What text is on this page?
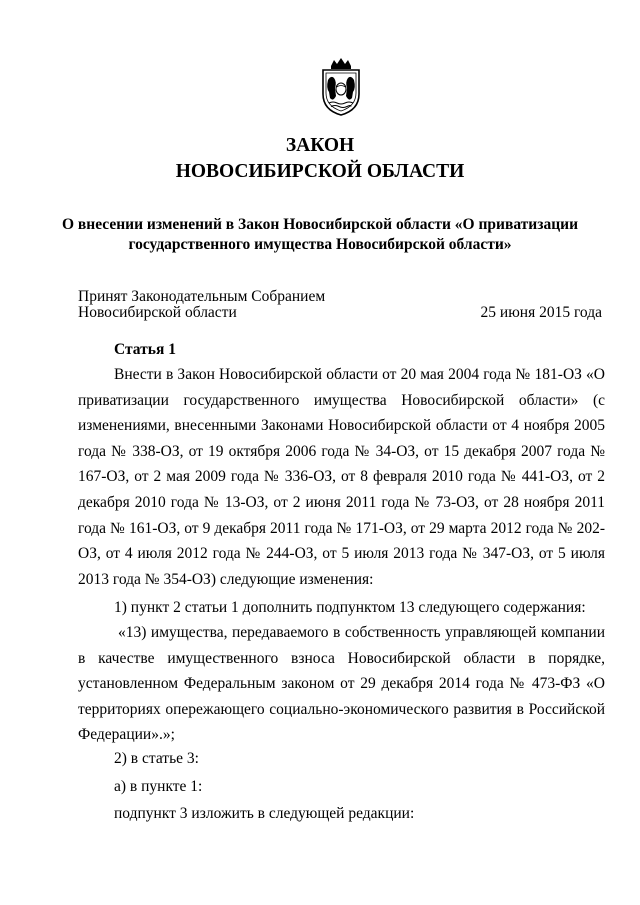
ЗАКОН
НОВОСИБИРСКОЙ ОБЛАСТИ
О внесении изменений в Закон Новосибирской области «О приватизации
государственного имущества Новосибирской области»
Принят Законодательным Собранием
Новосибирской области	25 июня 2015 года
Статья 1

Внести в Закон Новосибирской области от 20 мая 2004 года № 181-ОЗ «О приватизации государственного имущества Новосибирской области» (с изменениями, внесенными Законами Новосибирской области от 4 ноября 2005 года № 338-ОЗ, от 19 октября 2006 года № 34-ОЗ, от 15 декабря 2007 года № 167-ОЗ, от 2 мая 2009 года № 336-ОЗ, от 8 февраля 2010 года № 441-ОЗ, от 2 декабря 2010 года № 13-ОЗ, от 2 июня 2011 года № 73-ОЗ, от 28 ноября 2011 года № 161-ОЗ, от 9 декабря 2011 года № 171-ОЗ, от 29 марта 2012 года № 202-ОЗ, от 4 июля 2012 года № 244-ОЗ, от 5 июля 2013 года № 347-ОЗ, от 5 июля 2013 года № 354-ОЗ) следующие изменения:

1) пункт 2 статьи 1 дополнить подпунктом 13 следующего содержания:

«13) имущества, передаваемого в собственность управляющей компании в качестве имущественного взноса Новосибирской области в порядке, установленном Федеральным законом от 29 декабря 2014 года № 473-ФЗ «О территориях опережающего социально-экономического развития в Российской Федерации».»;

2) в статье 3:
а) в пункте 1:
подпункт 3 изложить в следующей редакции:
